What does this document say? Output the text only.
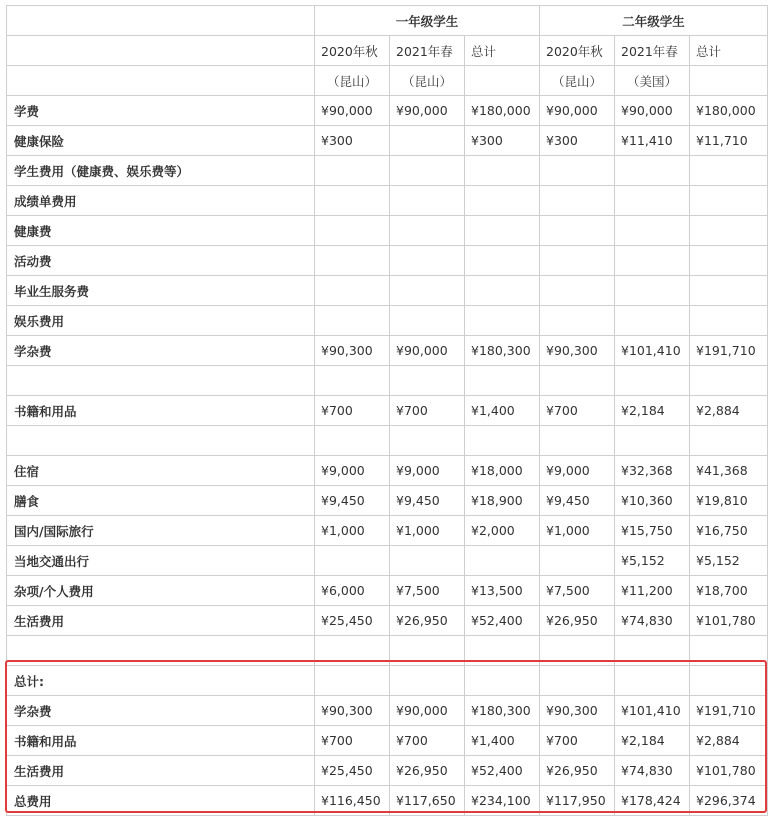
	一年级学生			二年级学生		
	2020年秋	2021年春	总计	2020年秋	2021年春	总计
	（昆山）	（昆山）		（昆山）	（美国）	
学费	¥90,000	¥90,000	¥180,000	¥90,000	¥90,000	¥180,000
健康保险	¥300		¥300	¥300	¥11,410	¥11,710
学生费用（健康费、娱乐费等）						
成绩单费用						
健康费						
活动费						
毕业生服务费						
娱乐费用						
学杂费	¥90,300	¥90,000	¥180,300	¥90,300	¥101,410	¥191,710

书籍和用品	¥700	¥700	¥1,400	¥700	¥2,184	¥2,884

住宿	¥9,000	¥9,000	¥18,000	¥9,000	¥32,368	¥41,368
膳食	¥9,450	¥9,450	¥18,900	¥9,450	¥10,360	¥19,810
国内/国际旅行	¥1,000	¥1,000	¥2,000	¥1,000	¥15,750	¥16,750
当地交通出行					¥5,152	¥5,152
杂项/个人费用	¥6,000	¥7,500	¥13,500	¥7,500	¥11,200	¥18,700
生活费用	¥25,450	¥26,950	¥52,400	¥26,950	¥74,830	¥101,780

总计:						
学杂费	¥90,300	¥90,000	¥180,300	¥90,300	¥101,410	¥191,710
书籍和用品	¥700	¥700	¥1,400	¥700	¥2,184	¥2,884
生活费用	¥25,450	¥26,950	¥52,400	¥26,950	¥74,830	¥101,780
总费用	¥116,450	¥117,650	¥234,100	¥117,950	¥178,424	¥296,374
